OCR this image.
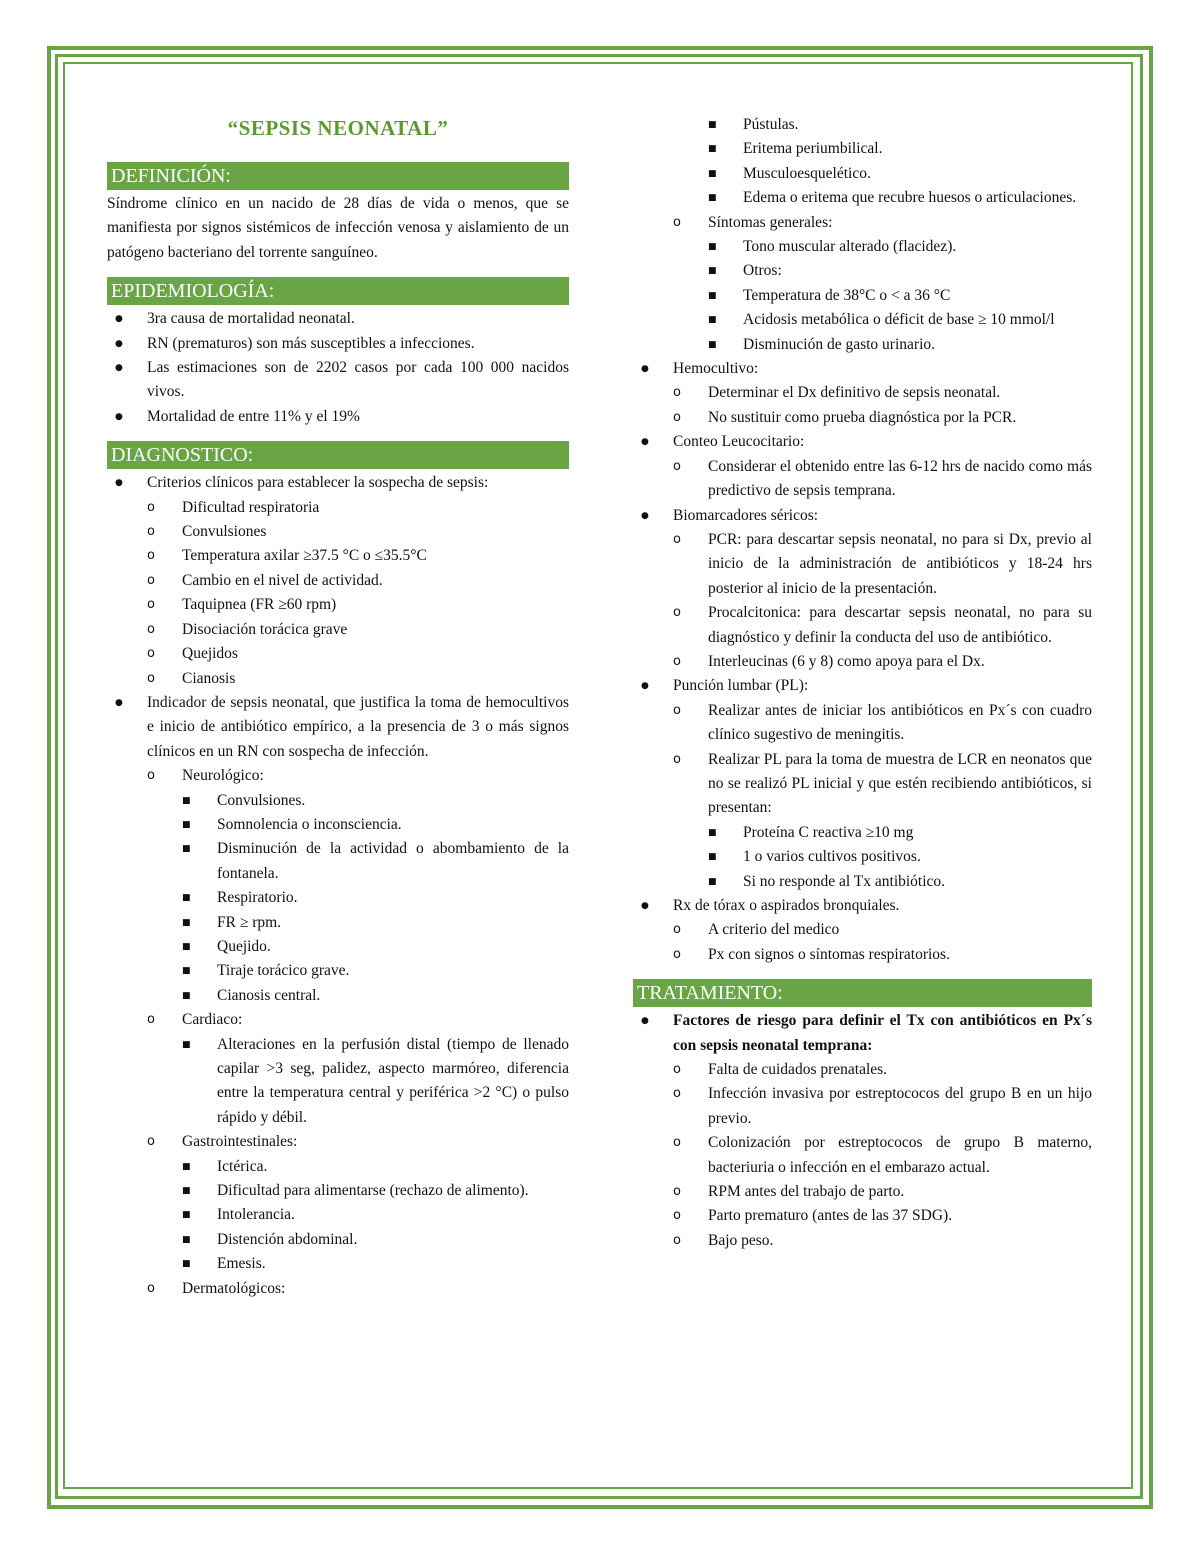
“SEPSIS NEONATAL”
DEFINICIÓN:

Síndrome clínico en un nacido de 28 días de vida o menos, que se manifiesta por signos sistémicos de infección venosa y aislamiento de un patógeno bacteriano del torrente sanguíneo.

EPIDEMIOLOGÍA:
● 3ra causa de mortalidad neonatal.
● RN (prematuros) son más susceptibles a infecciones.
● Las estimaciones son de 2202 casos por cada 100 000 nacidos vivos.
● Mortalidad de entre 11% y el 19%
DIAGNOSTICO:
● Criterios clínicos para establecer la sospecha de sepsis:
o Dificultad respiratoria
o Convulsiones
o Temperatura axilar ≥37.5 °C o ≤35.5°C
o Cambio en el nivel de actividad.
o Taquipnea (FR ≥60 rpm)
o Disociación torácica grave
o Quejidos
o Cianosis
● Indicador de sepsis neonatal, que justifica la toma de hemocultivos e inicio de antibiótico empírico, a la presencia de 3 o más signos clínicos en un RN con sospecha de infección.
o Neurológico:
■ Convulsiones.
■ Somnolencia o inconsciencia.
■ Disminución de la actividad o abombamiento de la fontanela.
■ Respiratorio.
■ FR ≥ rpm.
■ Quejido.
■ Tiraje torácico grave.
■ Cianosis central.
o Cardiaco:
■ Alteraciones en la perfusión distal (tiempo de llenado capilar >3 seg, palidez, aspecto marmóreo, diferencia entre la temperatura central y periférica >2 °C) o pulso rápido y débil.
o Gastrointestinales:
■ Ictérica.
■ Dificultad para alimentarse (rechazo de alimento).
■ Intolerancia.
■ Distención abdominal.
■ Emesis.
o Dermatológicos:
■ Pústulas.
■ Eritema periumbilical.
■ Musculoesquelético.
■ Edema o eritema que recubre huesos o articulaciones.
o Síntomas generales:
■ Tono muscular alterado (flacidez).
■ Otros:
■ Temperatura de 38°C o < a 36 °C
■ Acidosis metabólica o déficit de base ≥ 10 mmol/l
■ Disminución de gasto urinario.
● Hemocultivo:
o Determinar el Dx definitivo de sepsis neonatal.
o No sustituir como prueba diagnóstica por la PCR.
● Conteo Leucocitario:
o Considerar el obtenido entre las 6-12 hrs de nacido como más predictivo de sepsis temprana.
● Biomarcadores séricos:
o PCR: para descartar sepsis neonatal, no para si Dx, previo al inicio de la administración de antibióticos y 18-24 hrs posterior al inicio de la presentación.
o Procalcitonica: para descartar sepsis neonatal, no para su diagnóstico y definir la conducta del uso de antibiótico.
o Interleucinas (6 y 8) como apoya para el Dx.
● Punción lumbar (PL):
o Realizar antes de iniciar los antibióticos en Px´s con cuadro clínico sugestivo de meningitis.
o Realizar PL para la toma de muestra de LCR en neonatos que no se realizó PL inicial y que estén recibiendo antibióticos, si presentan:
■ Proteína C reactiva ≥10 mg
■ 1 o varios cultivos positivos.
■ Si no responde al Tx antibiótico.
● Rx de tórax o aspirados bronquiales.
o A criterio del medico
o Px con signos o síntomas respiratorios.
TRATAMIENTO:
● Factores de riesgo para definir el Tx con antibióticos en Px´s con sepsis neonatal temprana:
o Falta de cuidados prenatales.
o Infección invasiva por estreptococos del grupo B en un hijo previo.
o Colonización por estreptococos de grupo B materno, bacteriuria o infección en el embarazo actual.
o RPM antes del trabajo de parto.
o Parto prematuro (antes de las 37 SDG).
o Bajo peso.
